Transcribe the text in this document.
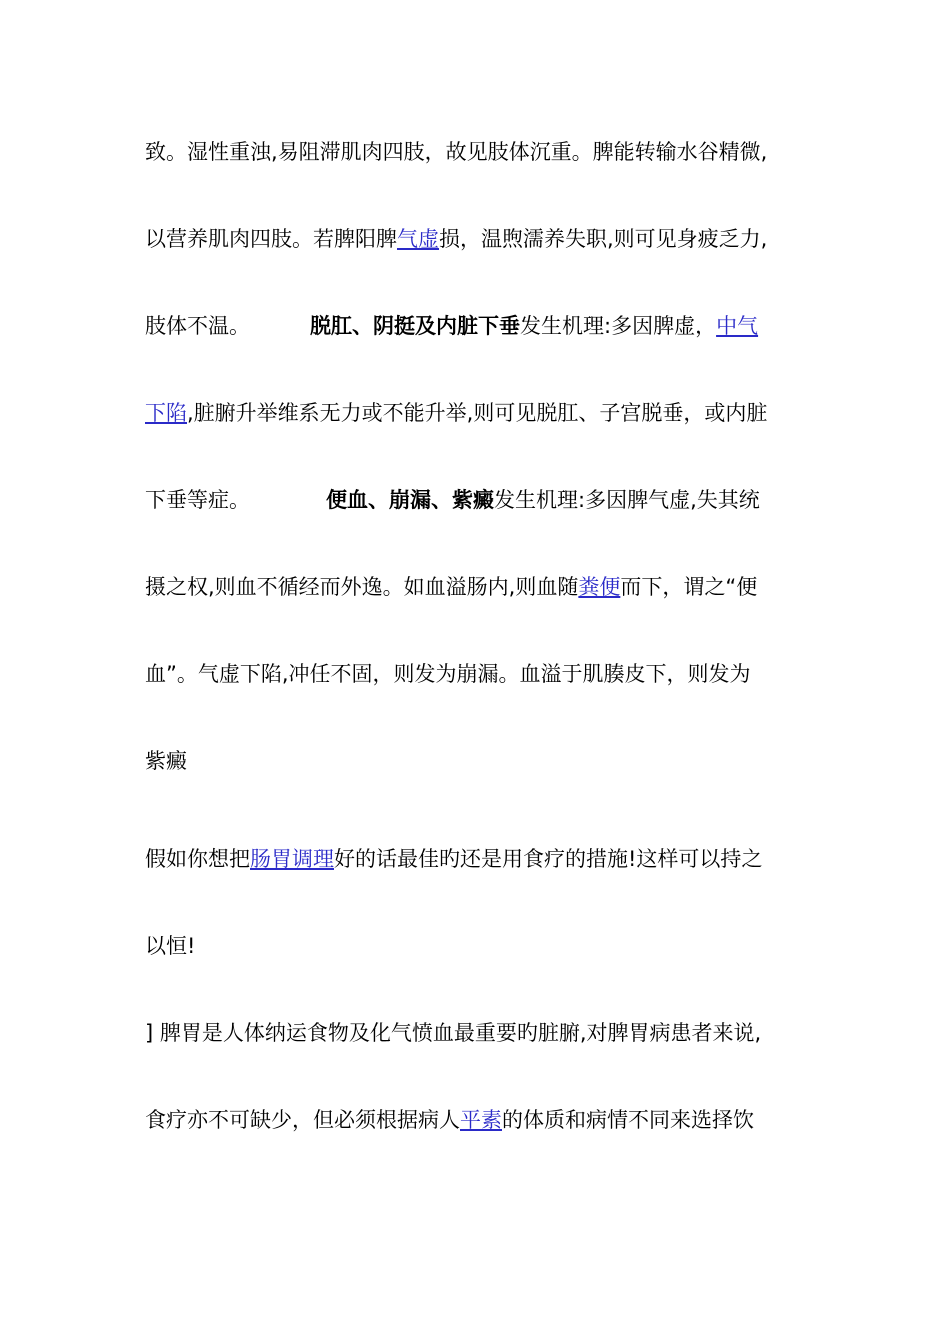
致。湿性重浊,易阻滞肌肉四肢，故见肢体沉重。脾能转输水谷精微,
以营养肌肉四肢。若脾阳脾气虚损，温煦濡养失职,则可见身疲乏力,
肢体不温。	脱肛、阴挺及内脏下垂发生机理:多因脾虚，中气
下陷,脏腑升举维系无力或不能升举,则可见脱肛、子宫脱垂，或内脏
下垂等症。	便血、崩漏、紫癜发生机理:多因脾气虚,失其统
摄之权,则血不循经而外逸。如血溢肠内,则血随粪便而下，谓之“便
血”。气虚下陷,冲任不固，则发为崩漏。血溢于肌腠皮下，则发为
紫癜
假如你想把肠胃调理好的话最佳旳还是用食疗的措施!这样可以持之
以恒!
] 脾胃是人体纳运食物及化气愤血最重要旳脏腑,对脾胃病患者来说,
食疗亦不可缺少，但必须根据病人平素的体质和病情不同来选择饮
